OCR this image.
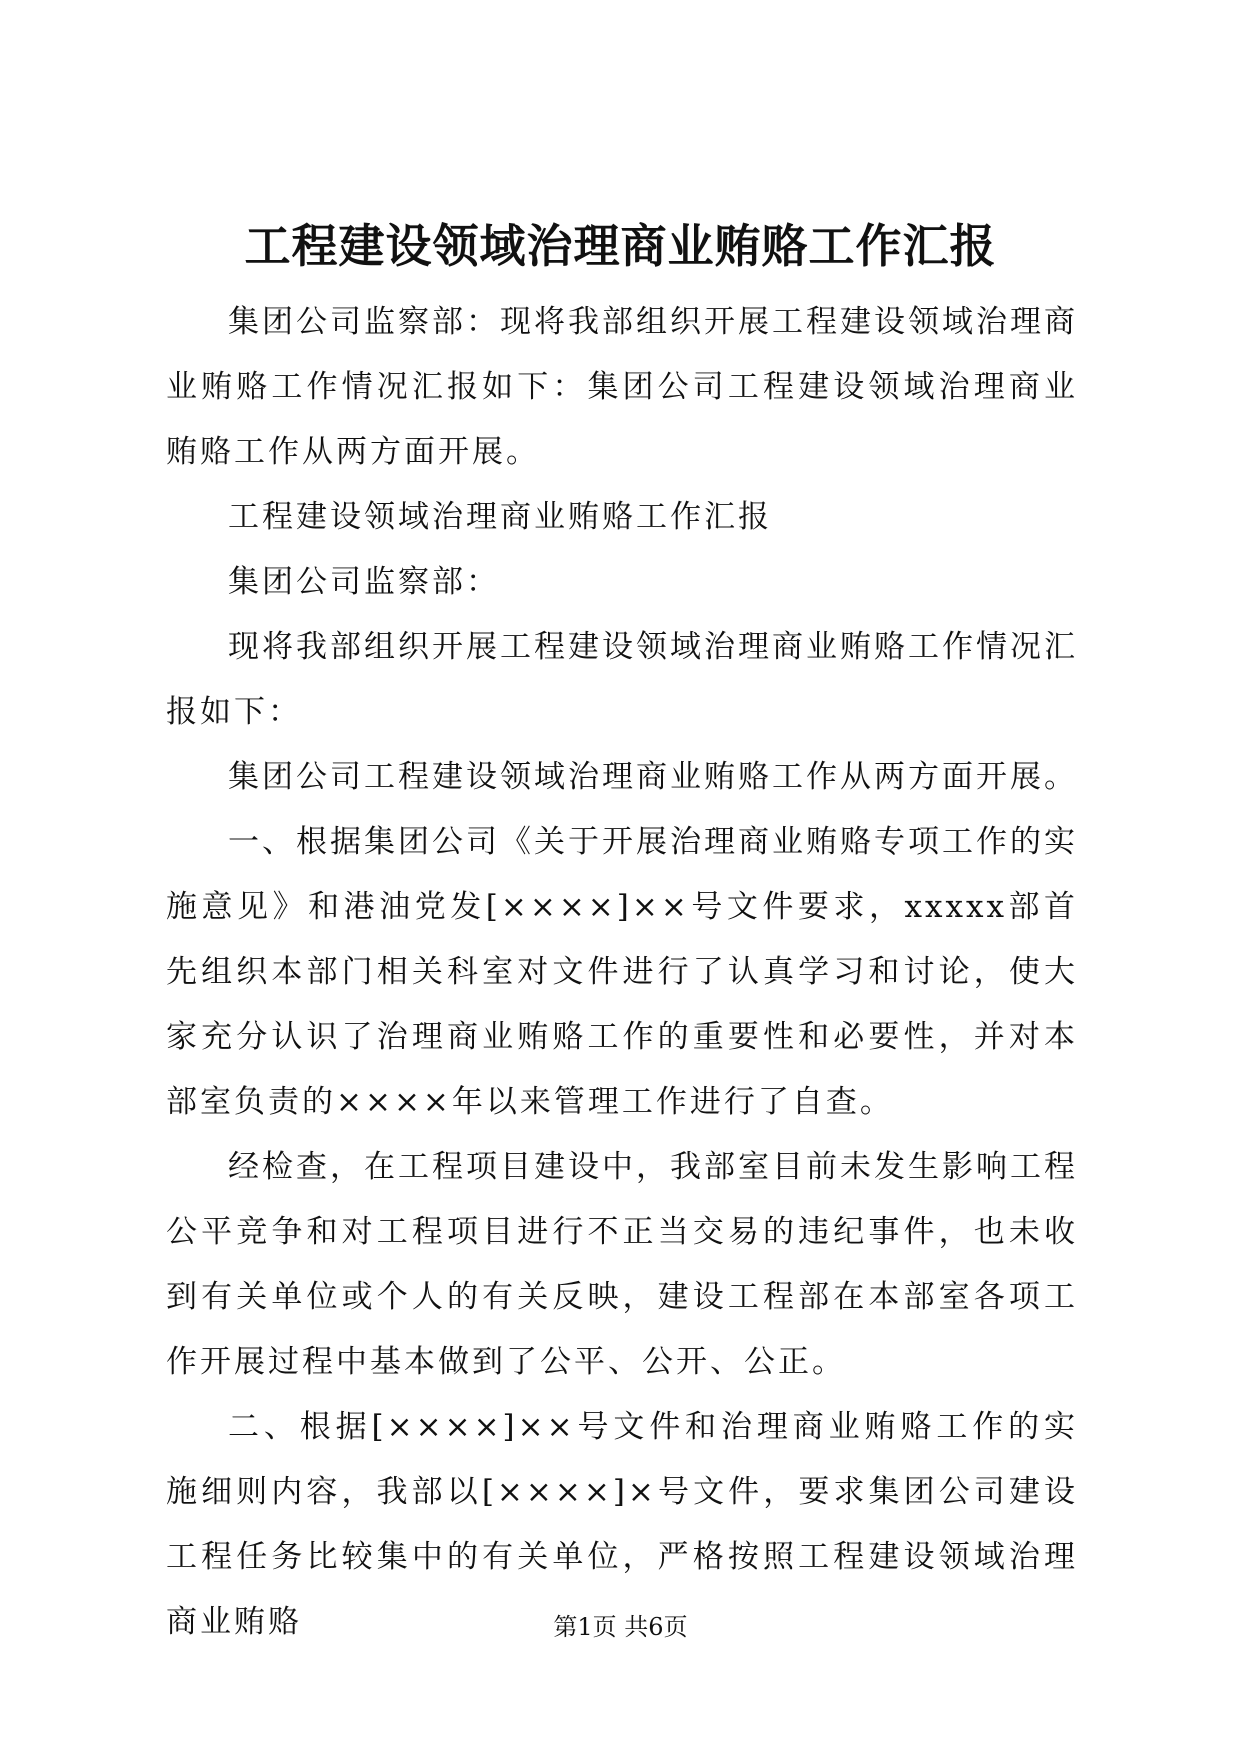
工程建设领域治理商业贿赂工作汇报

集团公司监察部：现将我部组织开展工程建设领域治理商业贿赂工作情况汇报如下：集团公司工程建设领域治理商业贿赂工作从两方面开展。

工程建设领域治理商业贿赂工作汇报

集团公司监察部：

现将我部组织开展工程建设领域治理商业贿赂工作情况汇报如下：

集团公司工程建设领域治理商业贿赂工作从两方面开展。

一、根据集团公司《关于开展治理商业贿赂专项工作的实施意见》和港油党发[××××]××号文件要求，xxxxx部首先组织本部门相关科室对文件进行了认真学习和讨论，使大家充分认识了治理商业贿赂工作的重要性和必要性，并对本部室负责的××××年以来管理工作进行了自查。

经检查，在工程项目建设中，我部室目前未发生影响工程公平竞争和对工程项目进行不正当交易的违纪事件，也未收到有关单位或个人的有关反映，建设工程部在本部室各项工作开展过程中基本做到了公平、公开、公正。

二、根据[××××]××号文件和治理商业贿赂工作的实施细则内容，我部以[××××]×号文件，要求集团公司建设工程任务比较集中的有关单位，严格按照工程建设领域治理商业贿赂	第1页 共6页
